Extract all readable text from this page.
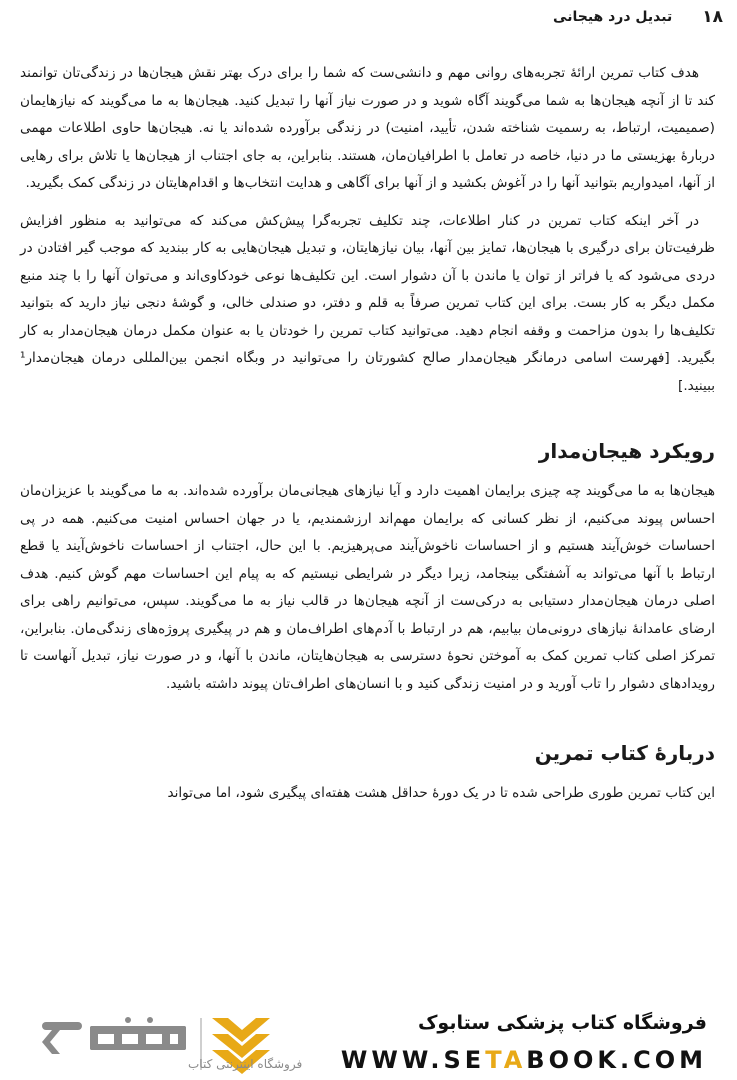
۱۸
تبدیل درد هیجانی

هدف کتاب تمرین ارائهٔ تجربه‌های روانی مهم و دانشی‌ست که شما را برای درک بهتر نقش هیجان‌ها در زندگی‌تان توانمند کند تا از آنچه هیجان‌ها به شما می‌گویند آگاه شوید و در صورت نیاز آنها را تبدیل کنید. هیجان‌ها به ما می‌گویند که نیازهایمان (صمیمیت، ارتباط، به رسمیت شناخته شدن، تأیید، امنیت) در زندگی برآورده شده‌اند یا نه. هیجان‌ها حاوی اطلاعات مهمی دربارهٔ بهزیستی ما در دنیا، خاصه در تعامل با اطرافیان‌مان، هستند. بنابراین، به جای اجتناب از هیجان‌ها یا تلاش برای رهایی از آنها، امیدواریم بتوانید آنها را در آغوش بکشید و از آنها برای آگاهی و هدایت انتخاب‌ها و اقدام‌هایتان در زندگی کمک بگیرید.

در آخر اینکه کتاب تمرین در کنار اطلاعات، چند تکلیف تجربه‌گرا پیش‌کش می‌کند که می‌توانید به منظور افزایش ظرفیت‌تان برای درگیری با هیجان‌ها، تمایز بین آنها، بیان نیازهایتان، و تبدیل هیجان‌هایی به کار ببندید که موجب گیر افتادن در دردی می‌شود که یا فراتر از توان یا ماندن با آن دشوار است. این تکلیف‌ها نوعی خودکاوی‌اند و می‌توان آنها را با چند منبع مکمل دیگر به کار بست. برای این کتاب تمرین صرفاً به قلم و دفتر، دو صندلی خالی، و گوشهٔ دنجی نیاز دارید که بتوانید تکلیف‌ها را بدون مزاحمت و وقفه انجام دهید. می‌توانید کتاب تمرین را خودتان یا به عنوان مکمل درمان هیجان‌مدار به کار بگیرید. [فهرست اسامی درمانگر هیجان‌مدار صالح کشورتان را می‌توانید در وبگاه انجمن بین‌المللی درمان هیجان‌مدار¹ ببینید.]

رویکرد هیجان‌مدار

هیجان‌ها به ما می‌گویند چه چیزی برایمان اهمیت دارد و آیا نیازهای هیجانی‌مان برآورده شده‌اند. به ما می‌گویند با عزیزان‌مان احساس پیوند می‌کنیم، از نظر کسانی که برایمان مهم‌اند ارزشمندیم، یا در جهان احساس امنیت می‌کنیم. همه در پی احساسات خوش‌آیند هستیم و از احساسات ناخوش‌آیند می‌پرهیزیم. با این حال، اجتناب از احساسات ناخوش‌آیند یا قطع ارتباط با آنها می‌تواند به آشفتگی بینجامد، زیرا دیگر در شرایطی نیستیم که به پیام این احساسات مهم گوش کنیم. هدف اصلی درمان هیجان‌مدار دستیابی به درکی‌ست از آنچه هیجان‌ها در قالب نیاز به ما می‌گویند. سپس، می‌توانیم راهی برای ارضای عامدانهٔ نیازهای درونی‌مان بیابیم، هم در ارتباط با آدم‌های اطراف‌مان و هم در پیگیری پروژه‌های زندگی‌مان. بنابراین، تمرکز اصلی کتاب تمرین کمک به آموختن نحوهٔ دسترسی به هیجان‌هایتان، ماندن با آنها، و در صورت نیاز، تبدیل آنهاست تا رویدادهای دشوار را تاب آورید و در امنیت زندگی کنید و با انسان‌های اطراف‌تان پیوند داشته باشید.

دربارهٔ کتاب تمرین

این کتاب تمرین طوری طراحی شده تا در یک دورهٔ حداقل هشت هفته‌ای پیگیری شود، اما می‌تواند

فروشگاه کتاب پزشکی ستابوک
WWW.SETABOOK.COM
فروشگاه اینترنتی کتاب
